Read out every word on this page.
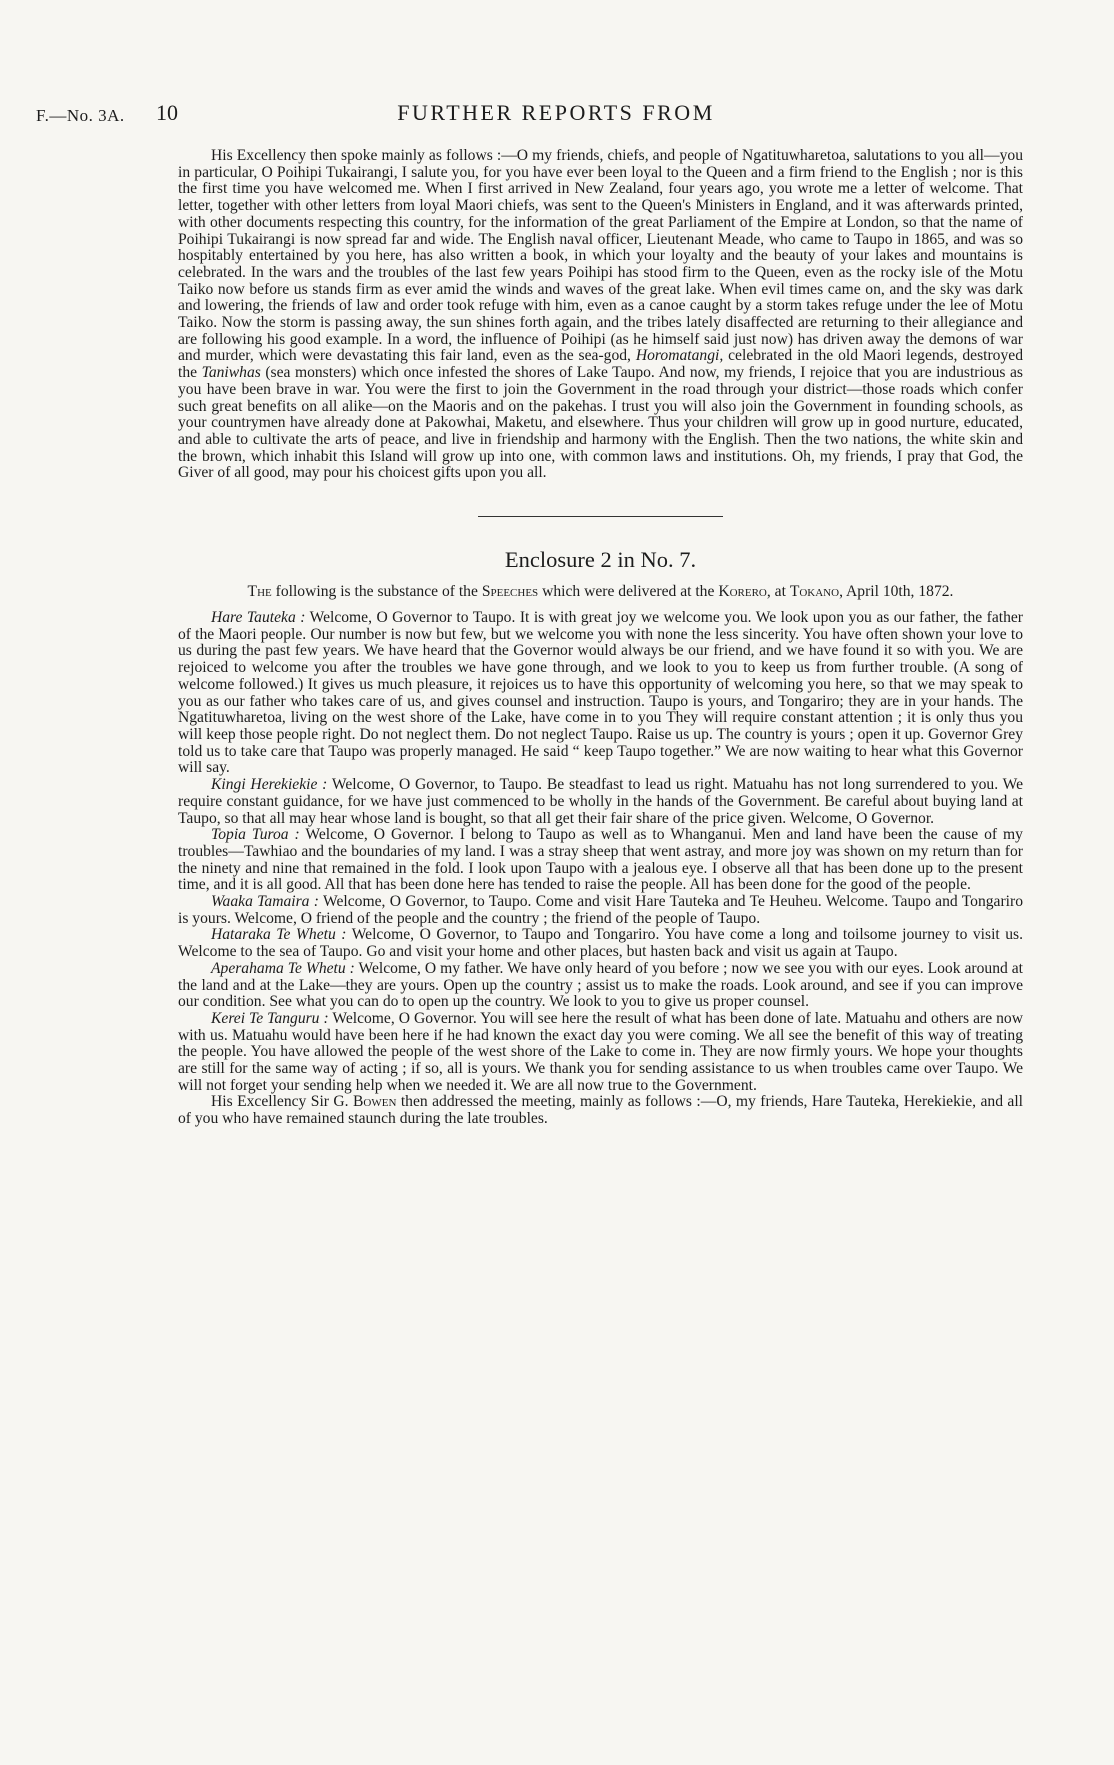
F.—No. 3A. 10	FURTHER REPORTS FROM

His Excellency then spoke mainly as follows :—O my friends, chiefs, and people of Ngatituwharetoa, salutations to you all—you in particular, O Poihipi Tukairangi, I salute you, for you have ever been loyal to the Queen and a firm friend to the English ; nor is this the first time you have welcomed me. When I first arrived in New Zealand, four years ago, you wrote me a letter of welcome. That letter, together with other letters from loyal Maori chiefs, was sent to the Queen's Ministers in England, and it was afterwards printed, with other documents respecting this country, for the information of the great Parliament of the Empire at London, so that the name of Poihipi Tukairangi is now spread far and wide. The English naval officer, Lieutenant Meade, who came to Taupo in 1865, and was so hospitably entertained by you here, has also written a book, in which your loyalty and the beauty of your lakes and mountains is celebrated. In the wars and the troubles of the last few years Poihipi has stood firm to the Queen, even as the rocky isle of the Motu Taiko now before us stands firm as ever amid the winds and waves of the great lake. When evil times came on, and the sky was dark and lowering, the friends of law and order took refuge with him, even as a canoe caught by a storm takes refuge under the lee of Motu Taiko. Now the storm is passing away, the sun shines forth again, and the tribes lately disaffected are returning to their allegiance and are following his good example. In a word, the influence of Poihipi (as he himself said just now) has driven away the demons of war and murder, which were devastating this fair land, even as the sea-god, Horomatangi, celebrated in the old Maori legends, destroyed the Taniwhas (sea monsters) which once infested the shores of Lake Taupo. And now, my friends, I rejoice that you are industrious as you have been brave in war. You were the first to join the Government in the road through your district—those roads which confer such great benefits on all alike—on the Maoris and on the pakehas. I trust you will also join the Government in founding schools, as your countrymen have already done at Pakowhai, Maketu, and elsewhere. Thus your children will grow up in good nurture, educated, and able to cultivate the arts of peace, and live in friendship and harmony with the English. Then the two nations, the white skin and the brown, which inhabit this Island will grow up into one, with common laws and institutions. Oh, my friends, I pray that God, the Giver of all good, may pour his choicest gifts upon you all.

Enclosure 2 in No. 7.

The following is the substance of the Speeches which were delivered at the Korero, at Tokano, April 10th, 1872.

Hare Tauteka : Welcome, O Governor to Taupo. It is with great joy we welcome you. We look upon you as our father, the father of the Maori people. Our number is now but few, but we welcome you with none the less sincerity. You have often shown your love to us during the past few years. We have heard that the Governor would always be our friend, and we have found it so with you. We are rejoiced to welcome you after the troubles we have gone through, and we look to you to keep us from further trouble. (A song of welcome followed.) It gives us much pleasure, it rejoices us to have this opportunity of welcoming you here, so that we may speak to you as our father who takes care of us, and gives counsel and instruction. Taupo is yours, and Tongariro; they are in your hands. The Ngatituwharetoa, living on the west shore of the Lake, have come in to you They will require constant attention ; it is only thus you will keep those people right. Do not neglect them. Do not neglect Taupo. Raise us up. The country is yours ; open it up. Governor Grey told us to take care that Taupo was properly managed. He said “ keep Taupo together.” We are now waiting to hear what this Governor will say.

Kingi Herekiekie : Welcome, O Governor, to Taupo. Be steadfast to lead us right. Matuahu has not long surrendered to you. We require constant guidance, for we have just commenced to be wholly in the hands of the Government. Be careful about buying land at Taupo, so that all may hear whose land is bought, so that all get their fair share of the price given. Welcome, O Governor.

Topia Turoa : Welcome, O Governor. I belong to Taupo as well as to Whanganui. Men and land have been the cause of my troubles—Tawhiao and the boundaries of my land. I was a stray sheep that went astray, and more joy was shown on my return than for the ninety and nine that remained in the fold. I look upon Taupo with a jealous eye. I observe all that has been done up to the present time, and it is all good. All that has been done here has tended to raise the people. All has been done for the good of the people.

Waaka Tamaira : Welcome, O Governor, to Taupo. Come and visit Hare Tauteka and Te Heuheu. Welcome. Taupo and Tongariro is yours. Welcome, O friend of the people and the country ; the friend of the people of Taupo.

Hataraka Te Whetu : Welcome, O Governor, to Taupo and Tongariro. You have come a long and toilsome journey to visit us. Welcome to the sea of Taupo. Go and visit your home and other places, but hasten back and visit us again at Taupo.

Aperahama Te Whetu : Welcome, O my father. We have only heard of you before ; now we see you with our eyes. Look around at the land and at the Lake—they are yours. Open up the country ; assist us to make the roads. Look around, and see if you can improve our condition. See what you can do to open up the country. We look to you to give us proper counsel.

Kerei Te Tanguru : Welcome, O Governor. You will see here the result of what has been done of late. Matuahu and others are now with us. Matuahu would have been here if he had known the exact day you were coming. We all see the benefit of this way of treating the people. You have allowed the people of the west shore of the Lake to come in. They are now firmly yours. We hope your thoughts are still for the same way of acting ; if so, all is yours. We thank you for sending assistance to us when troubles came over Taupo. We will not forget your sending help when we needed it. We are all now true to the Government.

His Excellency Sir G. Bowen then addressed the meeting, mainly as follows :—O, my friends, Hare Tauteka, Herekiekie, and all of you who have remained staunch during the late troubles.
